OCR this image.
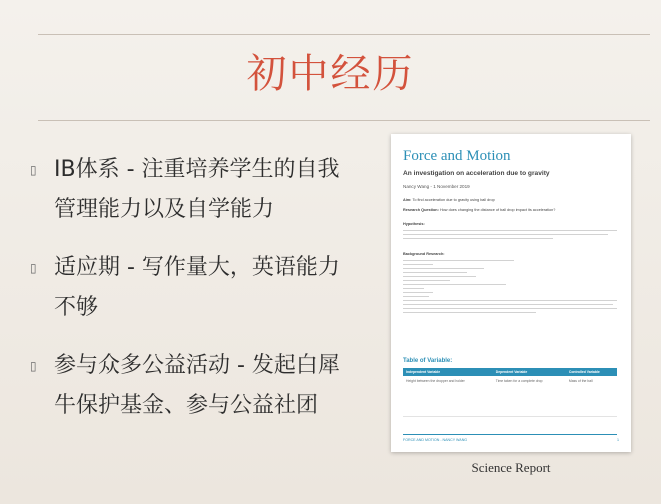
初中经历
▯ IB体系 - 注重培养学生的自我管理能力以及自学能力
▯ 适应期 - 写作量大，英语能力不够
▯ 参与众多公益活动 - 发起白犀牛保护基金、参与公益社团
Force and Motion
An investigation on acceleration due to gravity
Nancy Wang - 1 November 2019
Aim: To find acceleration due to gravity using ball drop
Research Question: How does changing the distance of ball drop impact its acceleration?
Hypothesis:
Background Research:
Table of Variable:
Independent Variable	Dependent Variable	Controlled Variable
Height between the dropper and holder	Time taken for a complete drop	Mass of the ball
FORCE AND MOTION - NANCY WANG	1
Science Report
